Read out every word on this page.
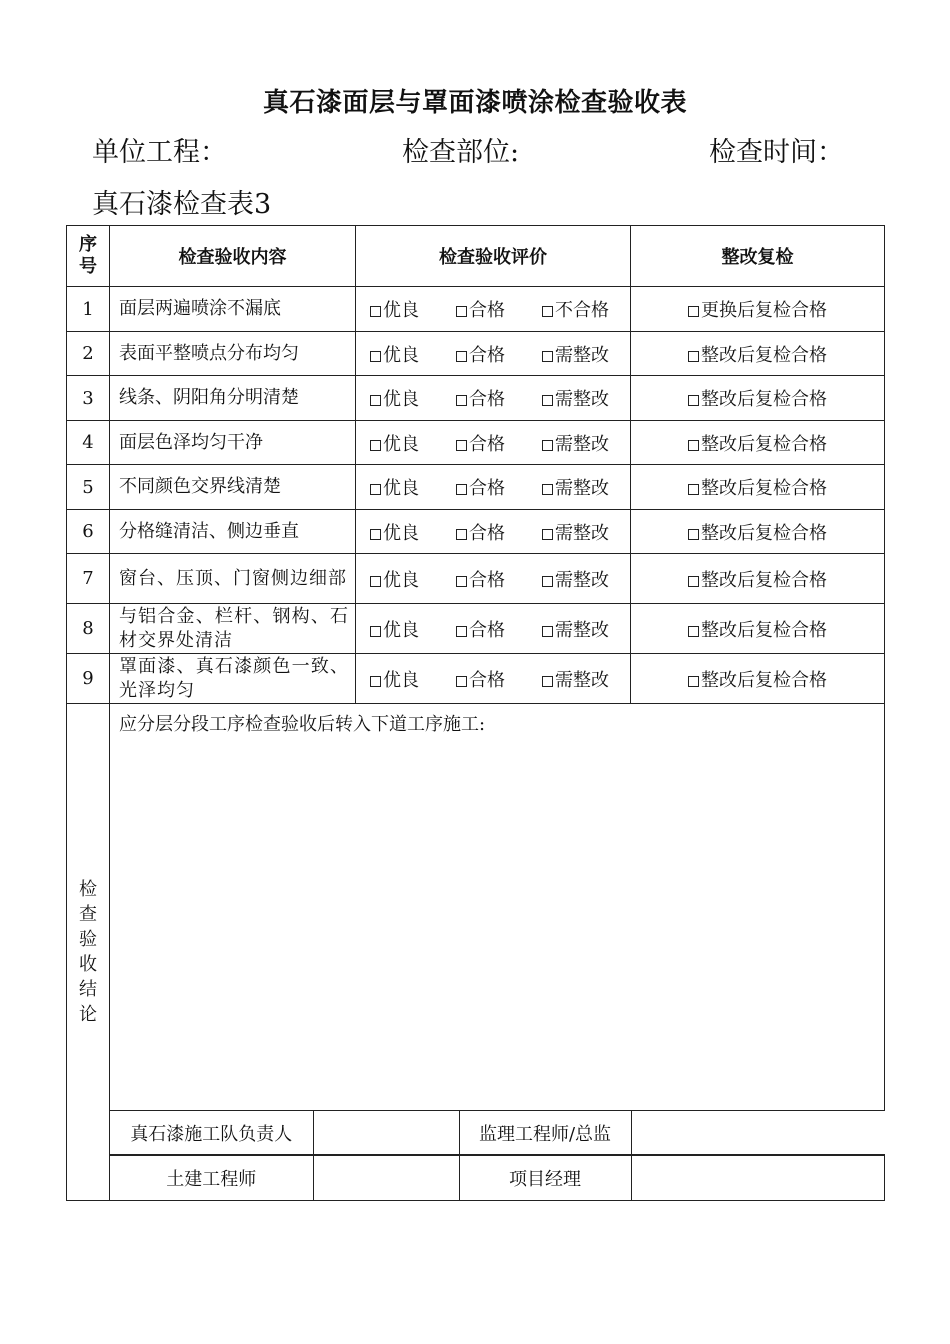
真石漆面层与罩面漆喷涂检查验收表
单位工程：	检查部位:	检查时间：
真石漆检查表3
序号	检查验收内容	检查验收评价	整改复检
1	面层两遍喷涂不漏底	优良	合格	不合格	更换后复检合格
2	表面平整喷点分布均匀	优良	合格	需整改	整改后复检合格
3	线条、阴阳角分明清楚	优良	合格	需整改	整改后复检合格
4	面层色泽均匀干净	优良	合格	需整改	整改后复检合格
5	不同颜色交界线清楚	优良	合格	需整改	整改后复检合格
6	分格缝清洁、侧边垂直	优良	合格	需整改	整改后复检合格
7	窗台、压顶、门窗侧边细部	优良	合格	需整改	整改后复检合格
8	与铝合金、栏杆、钢构、石材交界处清洁	优良	合格	需整改	整改后复检合格
9	罩面漆、真石漆颜色一致、光泽均匀	优良	合格	需整改	整改后复检合格

检查验收结论
	应分层分段工序检查验收后转入下道工序施工:

真石漆施工队负责人		监理工程师/总监	

土建工程师		项目经理	
